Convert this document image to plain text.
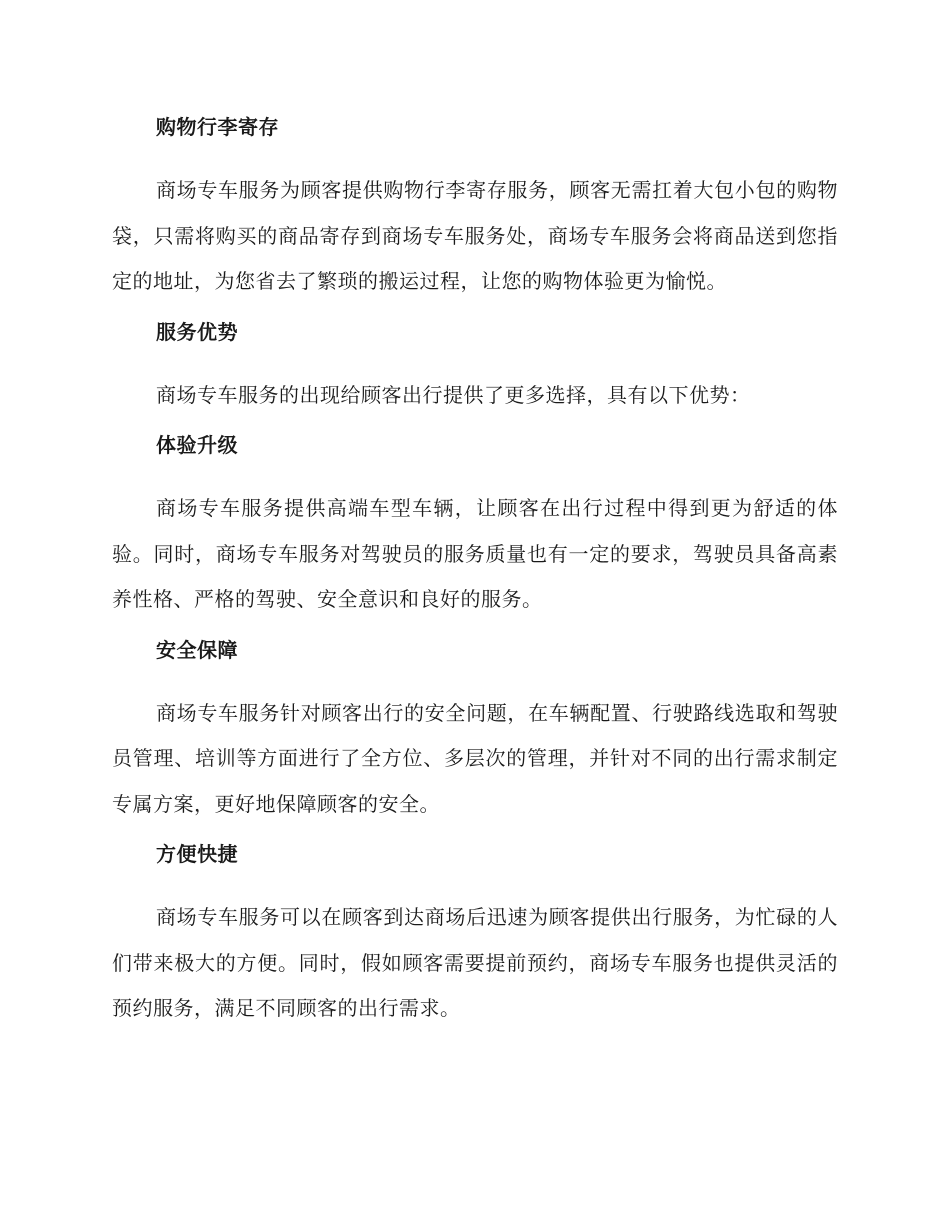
购物行李寄存

商场专车服务为顾客提供购物行李寄存服务，顾客无需扛着大包小包的购物袋，只需将购买的商品寄存到商场专车服务处，商场专车服务会将商品送到您指定的地址，为您省去了繁琐的搬运过程，让您的购物体验更为愉悦。

服务优势

商场专车服务的出现给顾客出行提供了更多选择，具有以下优势：

体验升级

商场专车服务提供高端车型车辆，让顾客在出行过程中得到更为舒适的体验。同时，商场专车服务对驾驶员的服务质量也有一定的要求，驾驶员具备高素养性格、严格的驾驶、安全意识和良好的服务。

安全保障

商场专车服务针对顾客出行的安全问题，在车辆配置、行驶路线选取和驾驶员管理、培训等方面进行了全方位、多层次的管理，并针对不同的出行需求制定专属方案，更好地保障顾客的安全。

方便快捷

商场专车服务可以在顾客到达商场后迅速为顾客提供出行服务，为忙碌的人们带来极大的方便。同时，假如顾客需要提前预约，商场专车服务也提供灵活的预约服务，满足不同顾客的出行需求。
